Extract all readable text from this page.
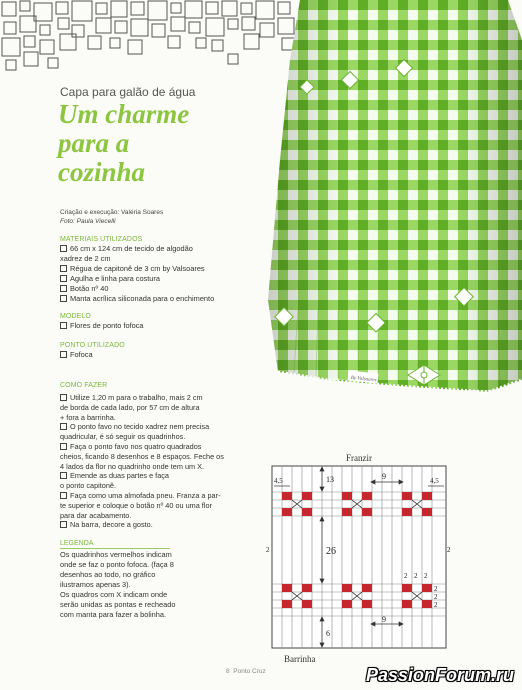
By Valsoares
Capa para galão de água
Um charme
para a
cozinha
Criação e execução: Valéria Soares
Foto: Paula Viecelli
MATERIAIS UTILIZADOS
66 cm x 124 cm de tecido de algodão
xadrez de 2 cm
Régua de capitonê de 3 cm by Valsoares
Agulha e linha para costura
Botão nº 40
Manta acrílica siliconada para o enchimento
MODELO
Flores de ponto fofoca
PONTO UTILIZADO
Fofoca
COMO FAZER
Utilize 1,20 m para o trabalho, mais 2 cm
de borda de cada lado, por 57 cm de altura
+ fora a barrinha.
O ponto favo no tecido xadrez nem precisa
quadricular, é só seguir os quadrinhos.
Faça o ponto favo nos quatro quadrados
cheios, ficando 8 desenhos e 8 espaços. Feche os
4 lados da flor no quadrinho onde tem um X.
Emende as duas partes e faça
o ponto capitonê.
Faça como uma almofada pneu. Franza a par-
te superior e coloque o botão nº 40 ou uma flor
para dar acabamento.
Na barra, decore a gosto.
LEGENDA

Os quadrinhos vermelhos indicam onde se faz o ponto fofoca. (faça 8 desenhos ao todo, no gráfico ilustramos apenas 3).

Os quadros com X indicam onde serão unidas as pontas e recheado com manta para fazer a bolinha.

Franzir
13
26
6
9
9
4,5	4,5
2	2
2 2 2
2
2
2
Barrinha
8 Ponto Cruz	PassionForum.ru
